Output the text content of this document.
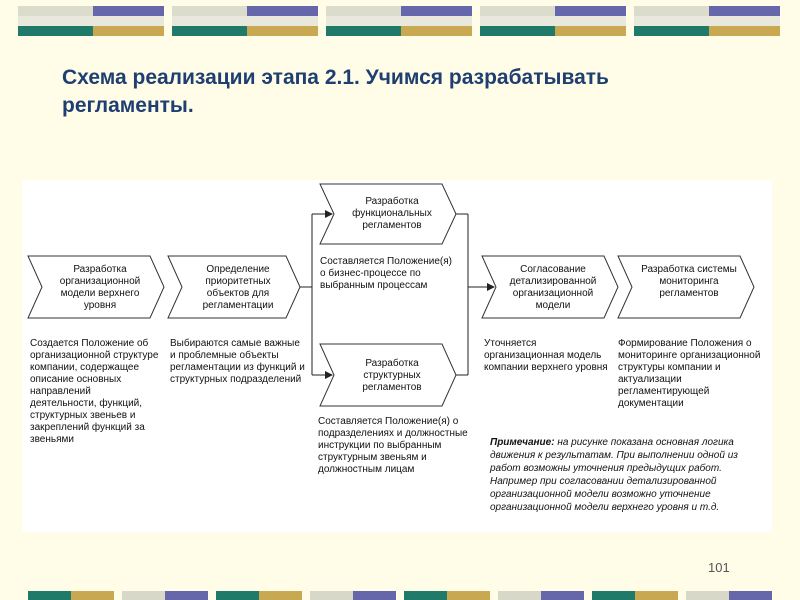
Схема реализации этапа 2.1. Учимся разрабатывать регламенты.
Разработка организационной модели верхнего уровня
Определение приоритетных объектов для регламентации
Разработка функциональных регламентов
Разработка структурных регламентов
Согласование детализированной организационной модели
Разработка системы мониторинга регламентов
Создается Положение об организационной структуре компании, содержащее описание основных направлений деятельности, функций, структурных звеньев и закреплений функций за звеньями
Выбираются самые важные и проблемные объекты регламентации из функций и структурных подразделений
Составляется Положение(я) о бизнес-процессе по выбранным процессам
Составляется Положение(я) о подразделениях и должностные инструкции по выбранным структурным звеньям и должностным лицам
Уточняется организационная модель компании верхнего уровня
Формирование Положения о мониторинге организационной структуры компании и актуализации регламентирующей документации
Примечание: на рисунке показана основная логика движения к результатам. При выполнении одной из работ возможны уточнения предыдущих работ. Например при согласовании детализированной организационной модели возможно уточнение организационной модели верхнего уровня и т.д.
101
